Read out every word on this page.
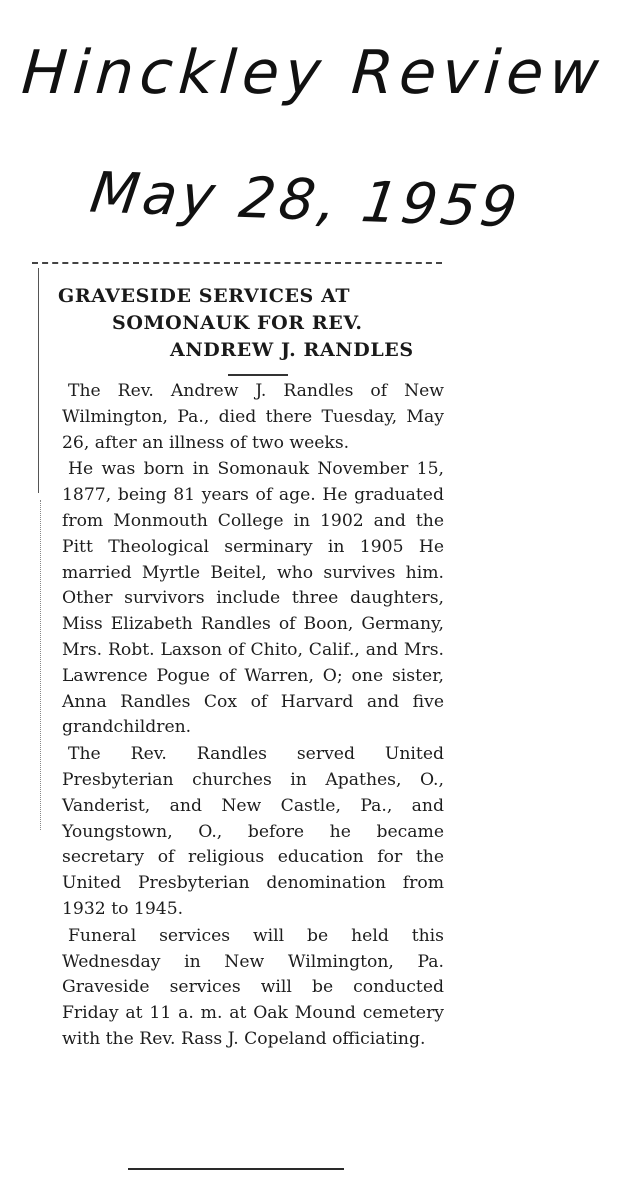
Hinckley Review
May 28, 1959
GRAVESIDE SERVICES AT
SOMONAUK FOR REV.
ANDREW J. RANDLES

The Rev. Andrew J. Randles of New Wilmington, Pa., died there Tuesday, May 26, after an illness of two weeks.

He was born in Somonauk November 15, 1877, being 81 years of age. He graduated from Monmouth College in 1902 and the Pitt Theological serminary in 1905 He married Myrtle Beitel, who survives him. Other survivors include three daughters, Miss Elizabeth Randles of Boon, Germany, Mrs. Robt. Laxson of Chito, Calif., and Mrs. Lawrence Pogue of Warren, O; one sister, Anna Randles Cox of Harvard and five grandchildren.

The Rev. Randles served United Presbyterian churches in Apathes, O., Vanderist, and New Castle, Pa., and Youngstown, O., before he became secretary of religious education for the United Presbyterian denomination from 1932 to 1945.

Funeral services will be held this Wednesday in New Wilmington, Pa. Graveside services will be conducted Friday at 11 a. m. at Oak Mound cemetery with the Rev. Rass J. Copeland officiating.
